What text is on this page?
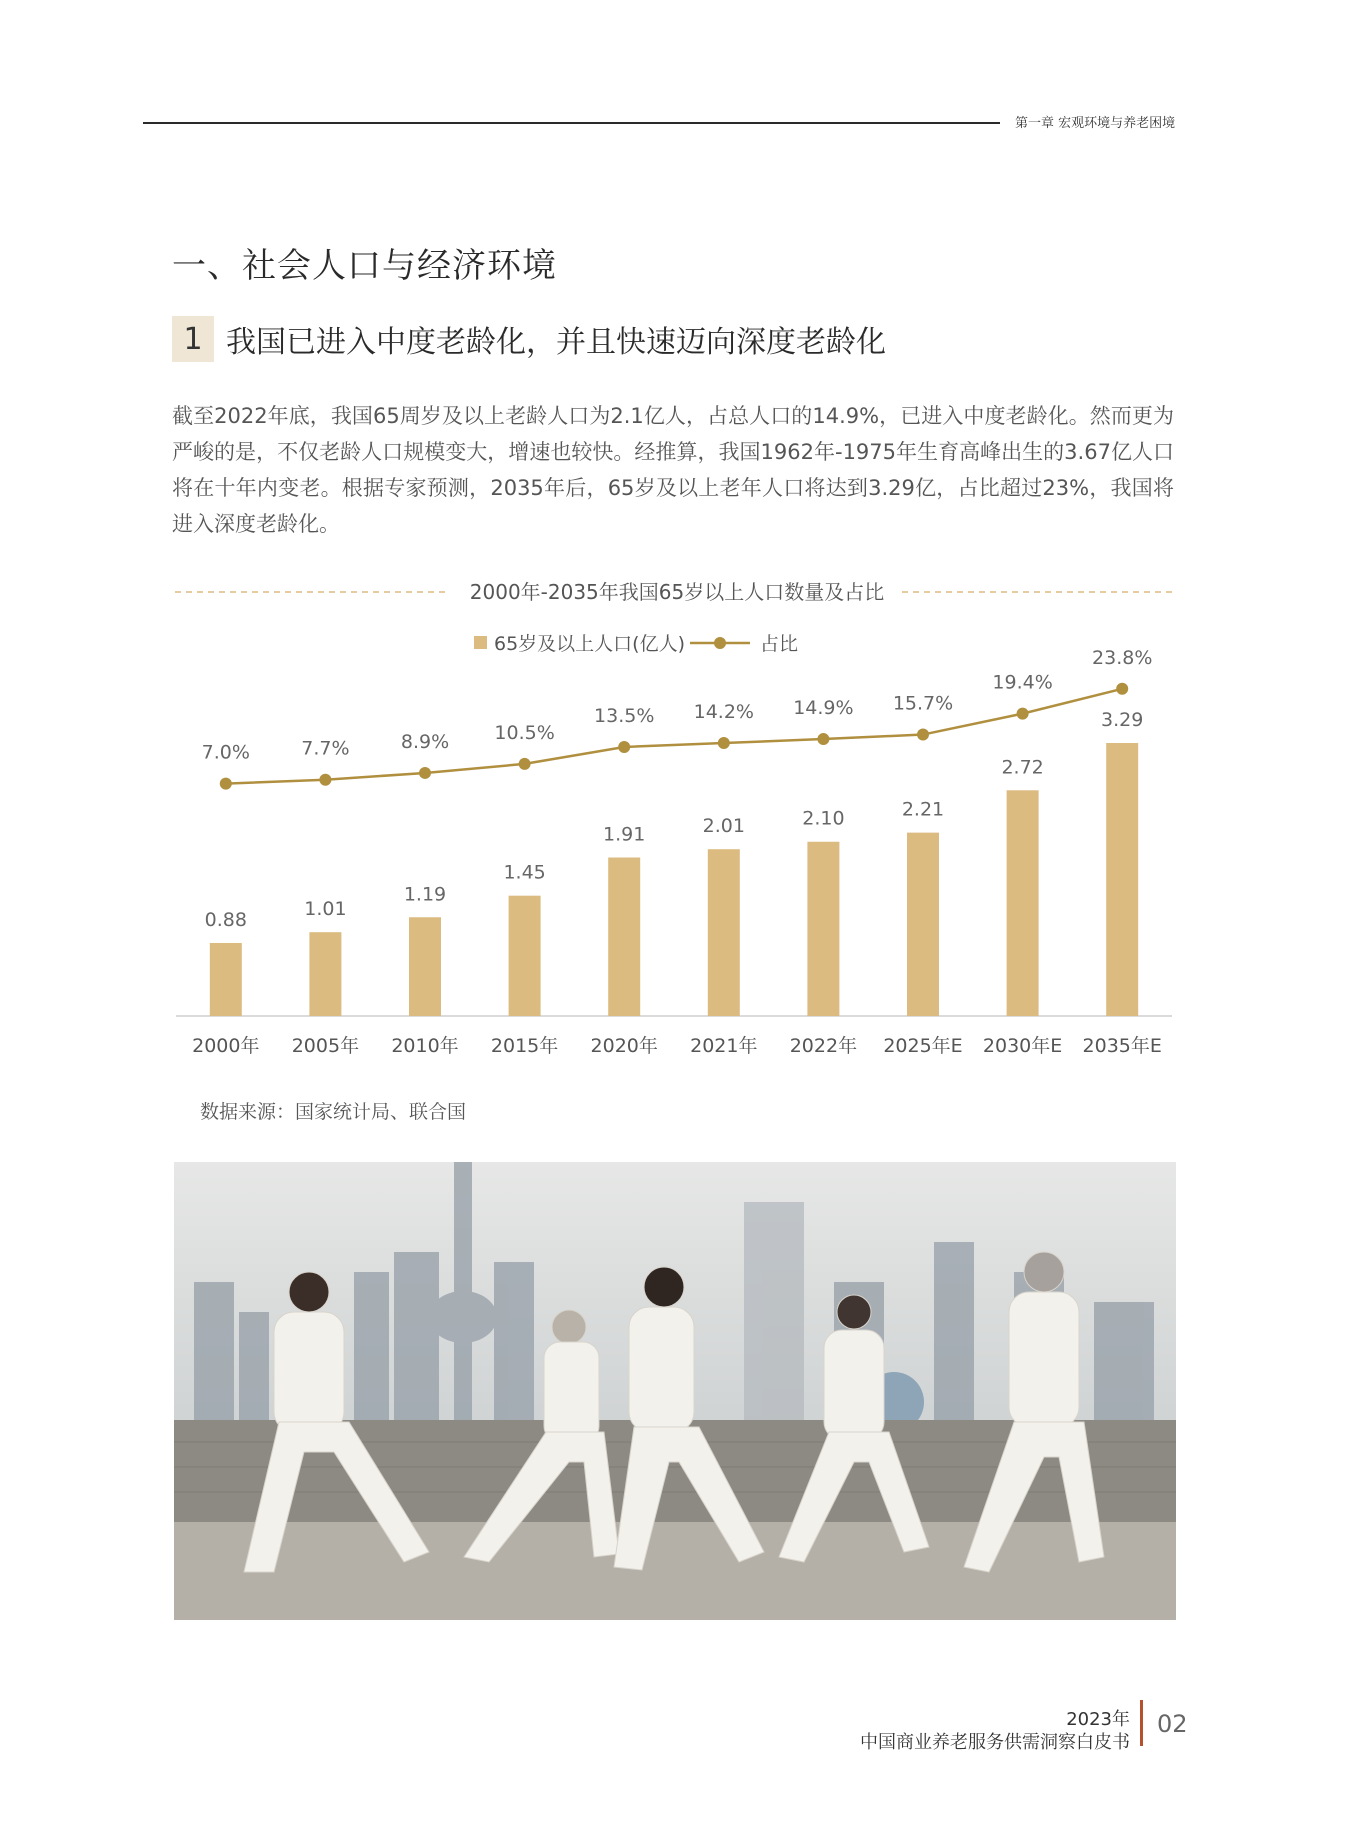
第一章 宏观环境与养老困境
一、社会人口与经济环境
1 我国已进入中度老龄化，并且快速迈向深度老龄化

截至2022年底，我国65周岁及以上老龄人口为2.1亿人，占总人口的14.9%，已进入中度老龄化。然而更为严峻的是，不仅老龄人口规模变大，增速也较快。经推算，我国1962年-1975年生育高峰出生的3.67亿人口将在十年内变老。根据专家预测，2035年后，65岁及以上老年人口将达到3.29亿，占比超过23%，我国将进入深度老龄化。

2000年-2035年我国65岁以上人口数量及占比
65岁及以上人口(亿人)	占比
0.88
2000年
1.01
2005年
1.19
2010年
1.45
2015年
1.91
2020年
2.01
2021年
2.10
2022年
2.21
2025年E
2.72
2030年E
3.29
2035年E
7.0%	7.7%	8.9% 10.5%
13.5% 14.2% 14.9% 15.7%
19.4%
23.8%
数据来源：国家统计局、联合国
2023年
中国商业养老服务供需洞察白皮书
02
